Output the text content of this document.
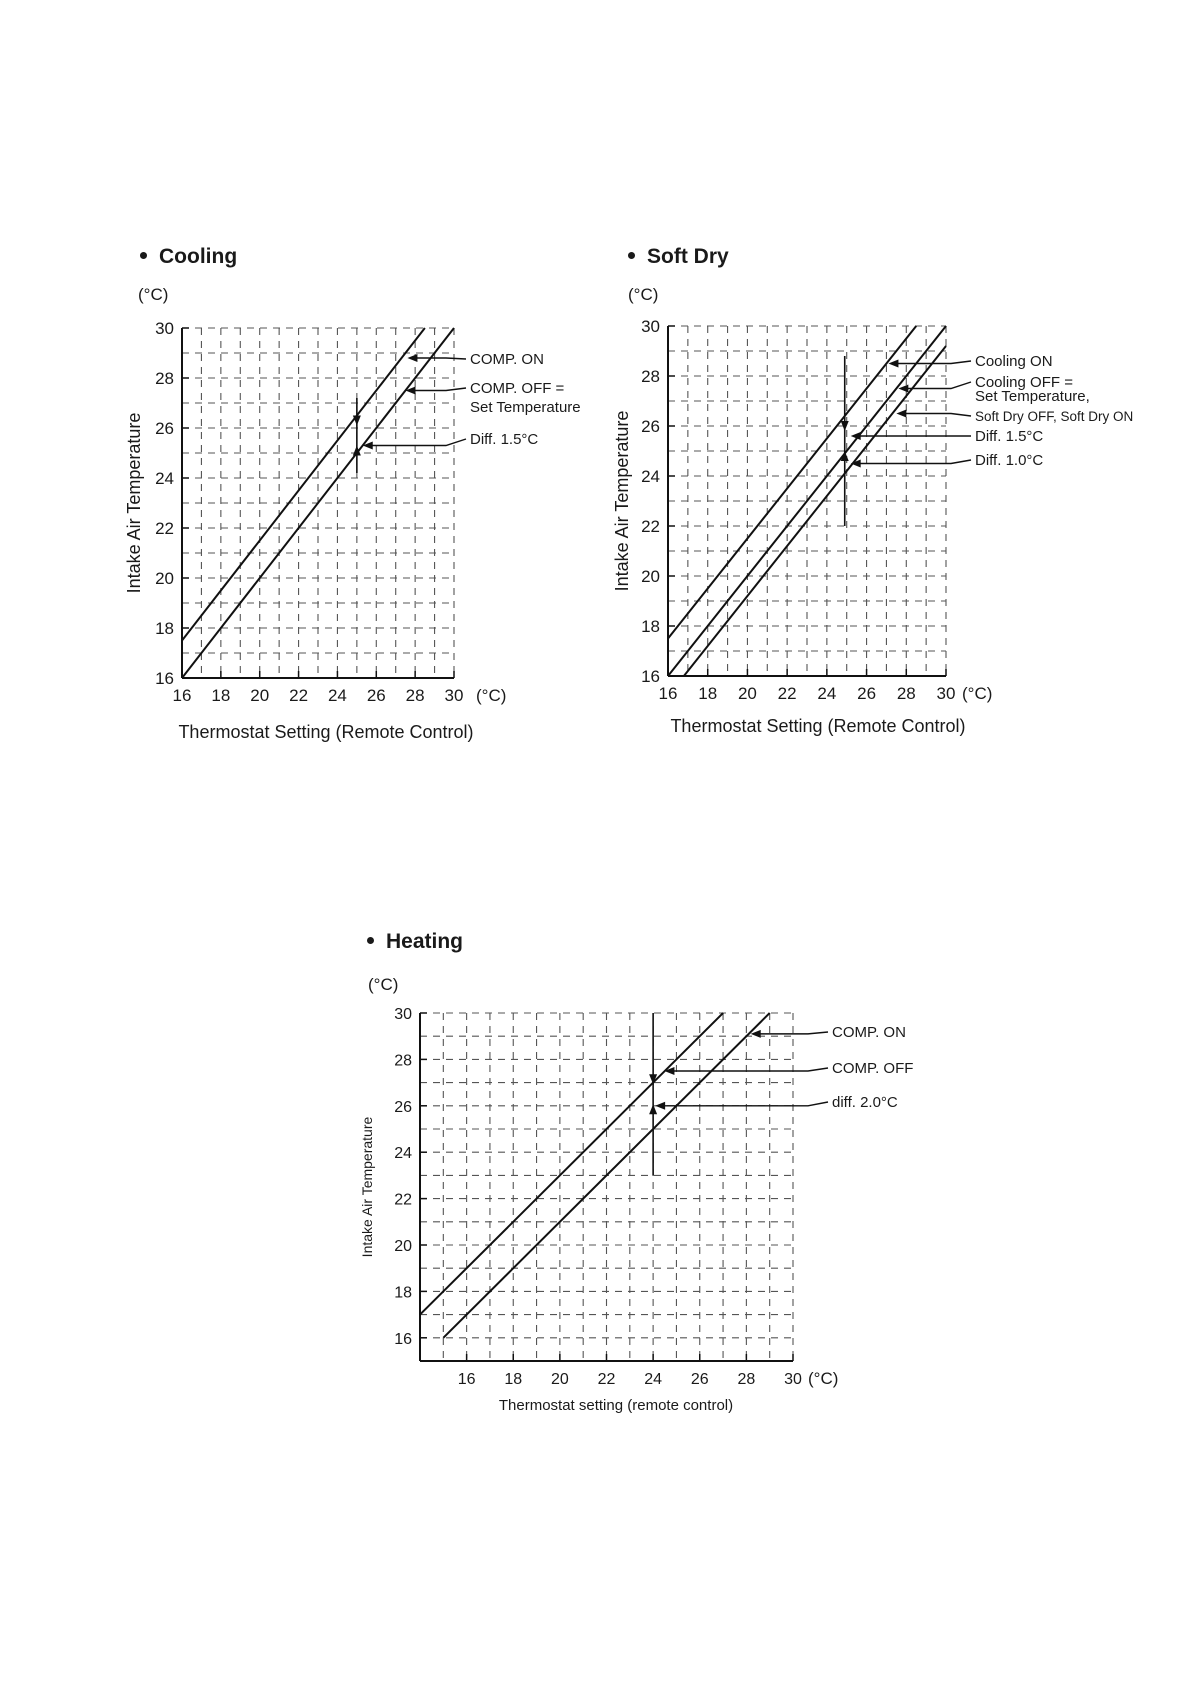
Cooling
16 18 20 22 24 26 28 30
16
18
20
22
24
26
28
30
(°C)
(°C)
Thermostat Setting (Remote Control)
Intake Air Temperature
COMP. ON
COMP. OFF =
Set Temperature
Diff. 1.5°C
Soft Dry
16 18 20 22 24 26 28 30
16
18
20
22
24
26
28
30
(°C)
(°C)
Thermostat Setting (Remote Control)
Intake Air Temperature
Cooling ON
Cooling OFF =
Set Temperature,
Soft Dry OFF, Soft Dry ON
Diff. 1.5°C
Diff. 1.0°C
Heating
16 18 20 22 24 26 28 30
16
18
20
22
24
26
28
30
(°C)
(°C)
Thermostat setting (remote control)
Intake Air Temperature
COMP. ON
COMP. OFF
diff. 2.0°C
